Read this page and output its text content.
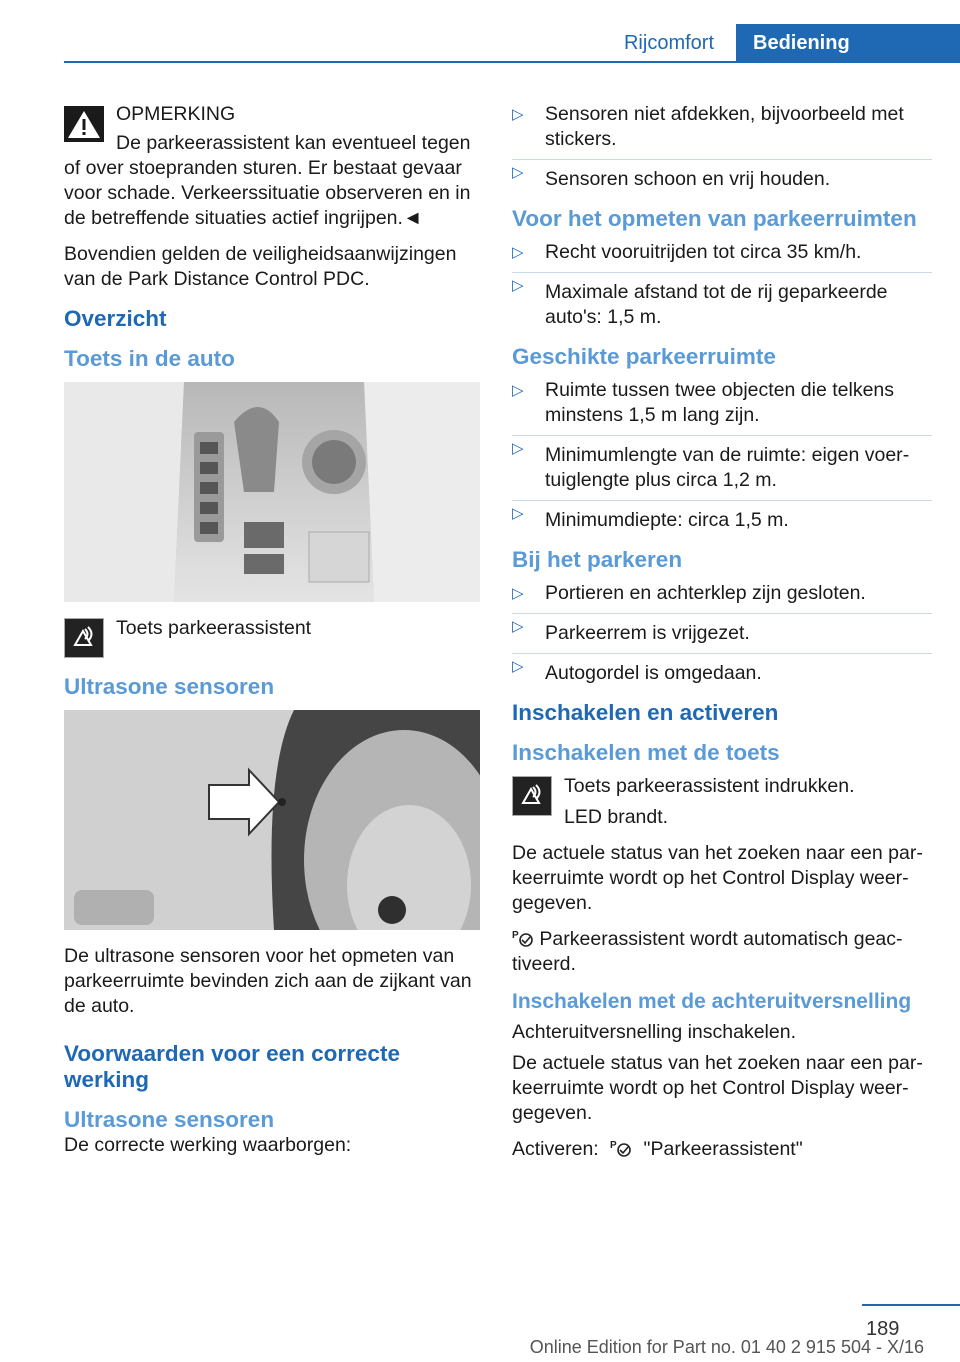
Rijcomfort	Bediening

OPMERKING

De parkeerassistent kan eventueel tegen of over stoepranden sturen. Er bestaat gevaar voor schade. Verkeerssituatie observeren en in de betreffende situaties actief ingrijpen.◄

Bovendien gelden de veiligheidsaanwijzingen van de Park Distance Control PDC.

Overzicht
Toets in de auto

Toets parkeerassistent

Ultrasone sensoren

De ultrasone sensoren voor het opmeten van parkeerruimte bevinden zich aan de zijkant van de auto.

Voorwaarden voor een correcte werking
Ultrasone sensoren

De correcte werking waarborgen:

▷ Sensoren niet afdekken, bijvoorbeeld met stickers.
▷ Sensoren schoon en vrij houden.
Voor het opmeten van parkeerruimten
▷ Recht vooruitrijden tot circa 35 km/h.
▷ Maximale afstand tot de rij geparkeerde auto's: 1,5 m.
Geschikte parkeerruimte
▷ Ruimte tussen twee objecten die telkens minstens 1,5 m lang zijn.
▷ Minimumlengte van de ruimte: eigen voertuiglengte plus circa 1,2 m.
▷ Minimumdiepte: circa 1,5 m.
Bij het parkeren
▷ Portieren en achterklep zijn gesloten.
▷ Parkeerrem is vrijgezet.
▷ Autogordel is omgedaan.
Inschakelen en activeren
Inschakelen met de toets

Toets parkeerassistent indrukken.

LED brandt.

De actuele status van het zoeken naar een parkeerruimte wordt op het Control Display weergegeven.

P Parkeerassistent wordt automatisch geactiveerd.

Inschakelen met de achteruitversnelling

Achteruitversnelling inschakelen.

De actuele status van het zoeken naar een parkeerruimte wordt op het Control Display weergegeven.

Activeren: P "Parkeerassistent"

189
Online Edition for Part no. 01 40 2 915 504 - X/16
